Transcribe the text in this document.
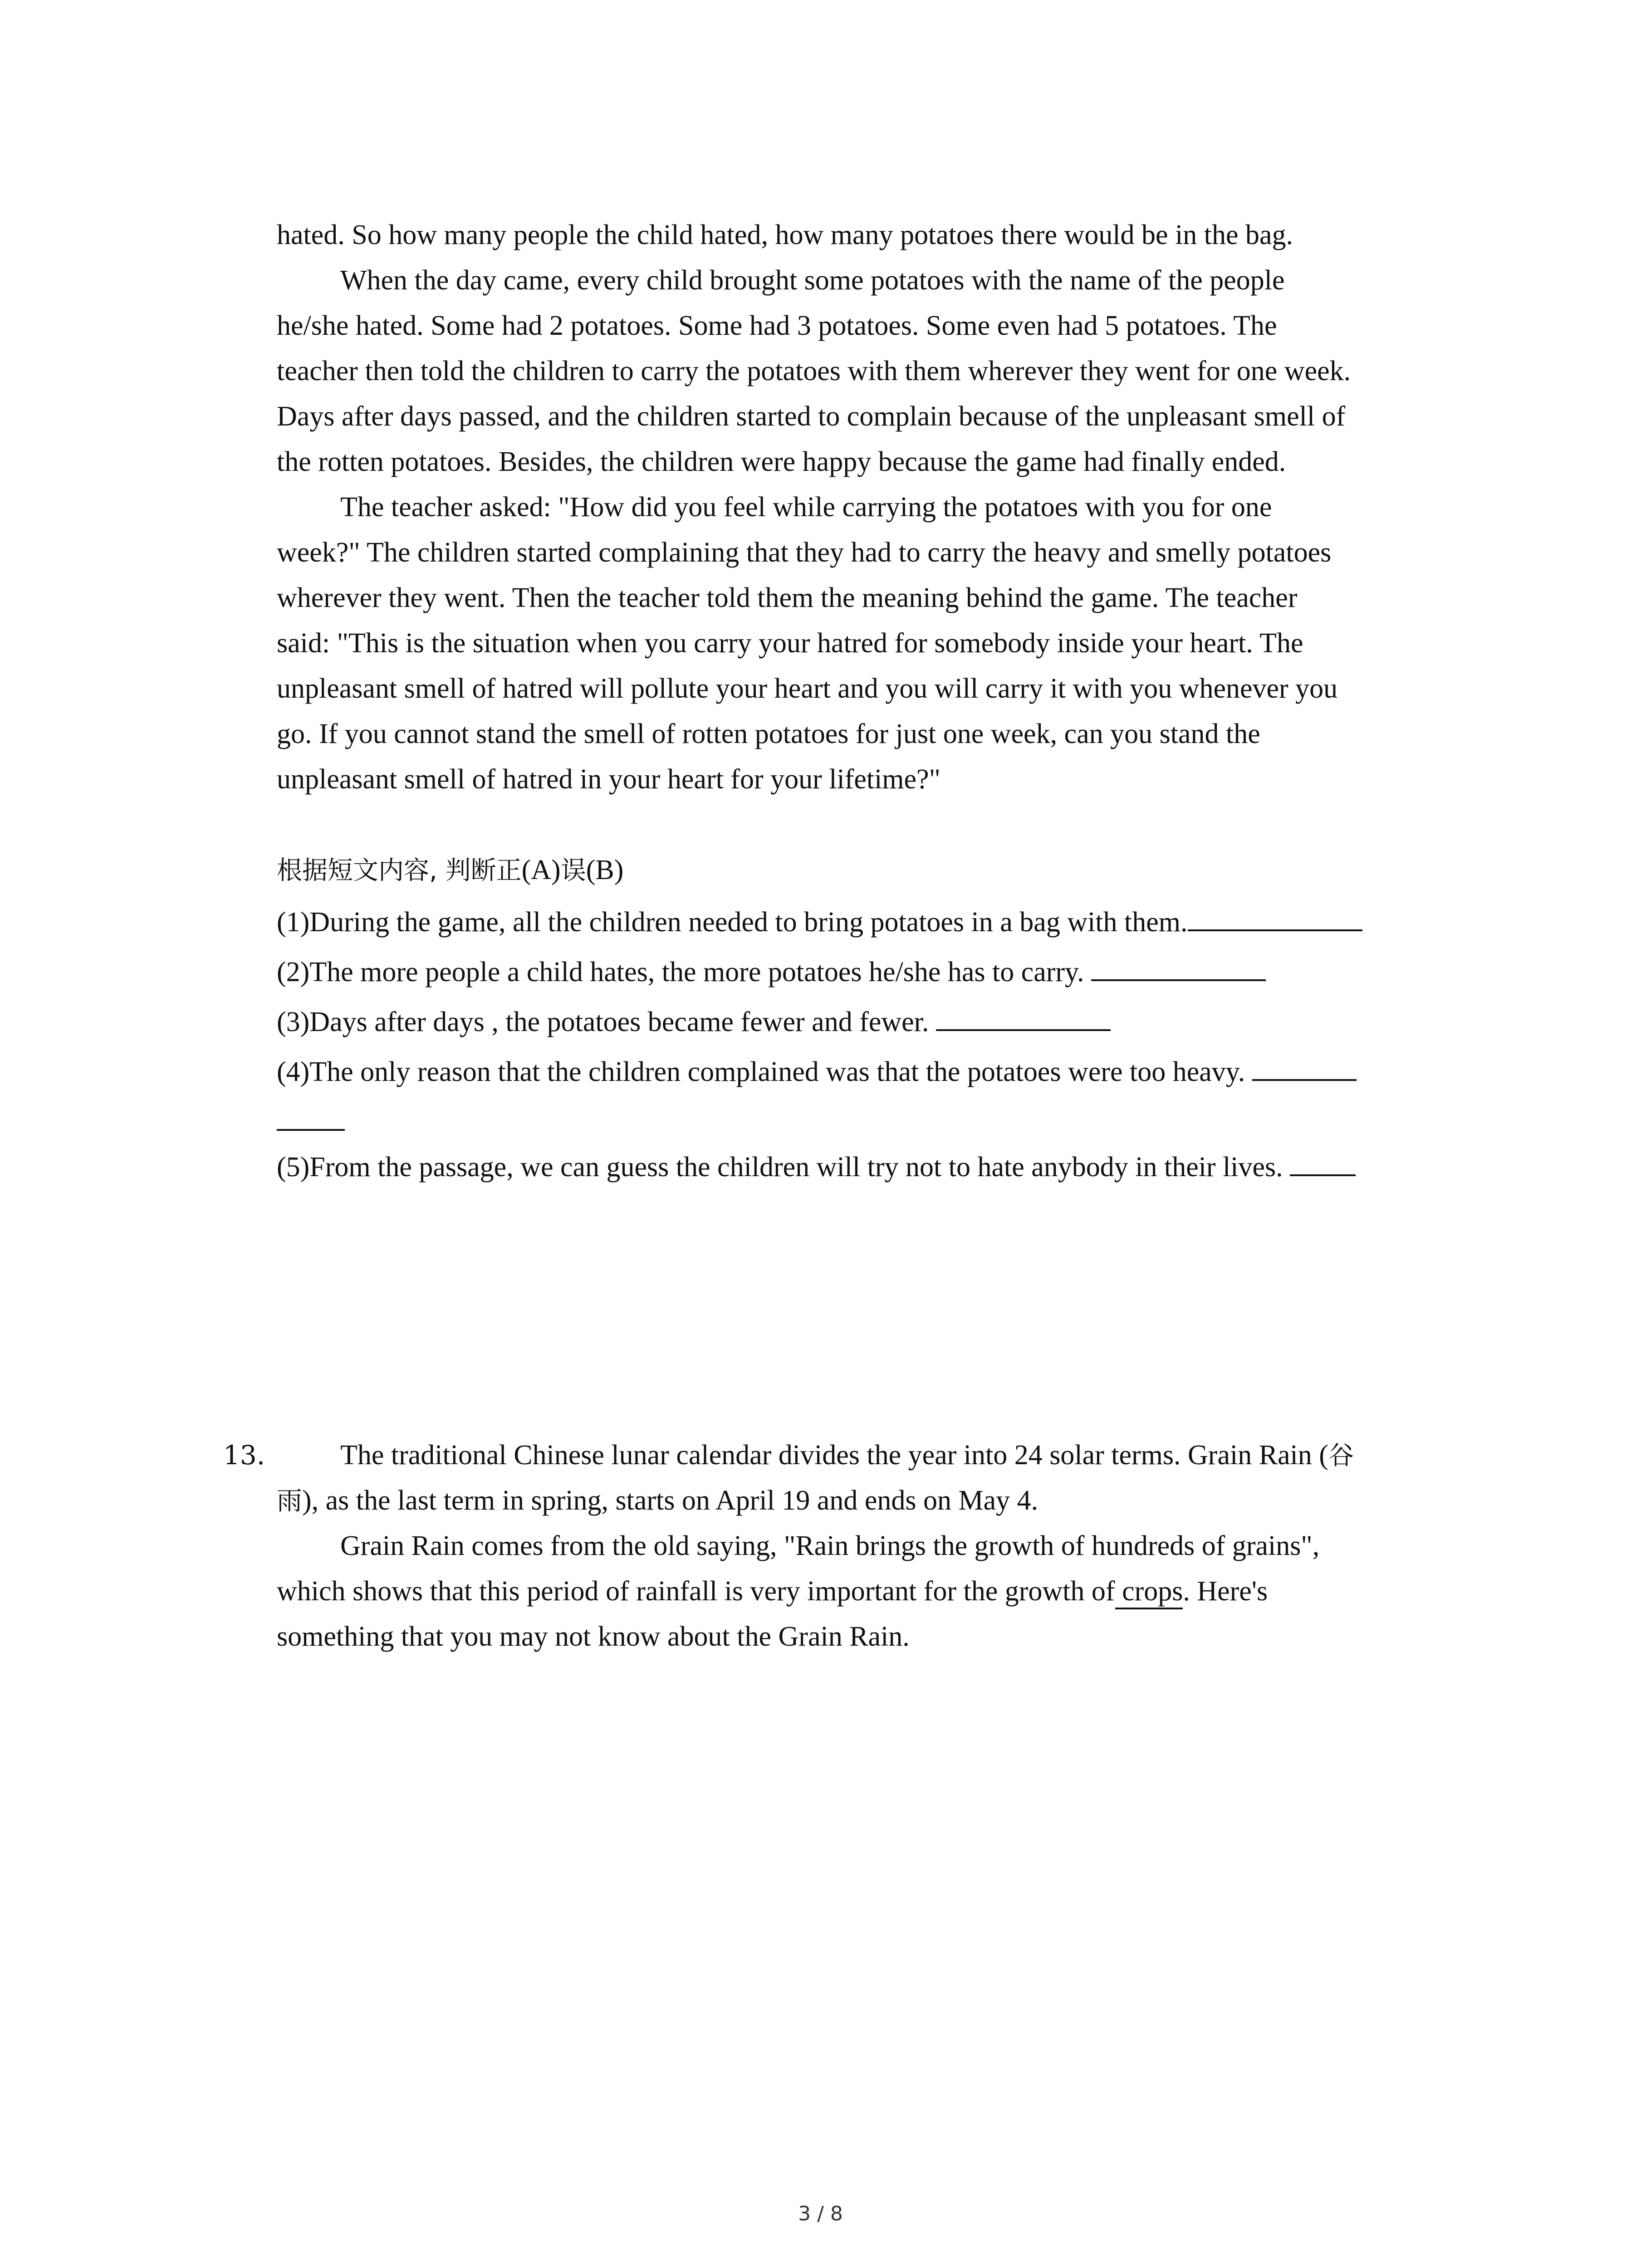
hated. So how many people the child hated, how many potatoes there would be in the bag.
When the day came, every child brought some potatoes with the name of the people
he/she hated. Some had 2 potatoes. Some had 3 potatoes. Some even had 5 potatoes. The
teacher then told the children to carry the potatoes with them wherever they went for one week.
Days after days passed, and the children started to complain because of the unpleasant smell of
the rotten potatoes. Besides, the children were happy because the game had finally ended.
The teacher asked: "How did you feel while carrying the potatoes with you for one
week?" The children started complaining that they had to carry the heavy and smelly potatoes
wherever they went. Then the teacher told them the meaning behind the game. The teacher
said: "This is the situation when you carry your hatred for somebody inside your heart. The
unpleasant smell of hatred will pollute your heart and you will carry it with you whenever you
go. If you cannot stand the smell of rotten potatoes for just one week, can you stand the
unpleasant smell of hatred in your heart for your lifetime?"
根据短文内容, 判断正(A)误(B)
(1)During the game, all the children needed to bring potatoes in a bag with them.
(2)The more people a child hates, the more potatoes he/she has to carry.
(3)Days after days , the potatoes became fewer and fewer.
(4)The only reason that the children complained was that the potatoes were too heavy.
(5)From the passage, we can guess the children will try not to hate anybody in their lives.
13.	The traditional Chinese lunar calendar divides the year into 24 solar terms. Grain Rain (谷
雨), as the last term in spring, starts on April 19 and ends on May 4.
Grain Rain comes from the old saying, "Rain brings the growth of hundreds of grains",
which shows that this period of rainfall is very important for the growth of crops. Here's
something that you may not know about the Grain Rain.
3 / 8
